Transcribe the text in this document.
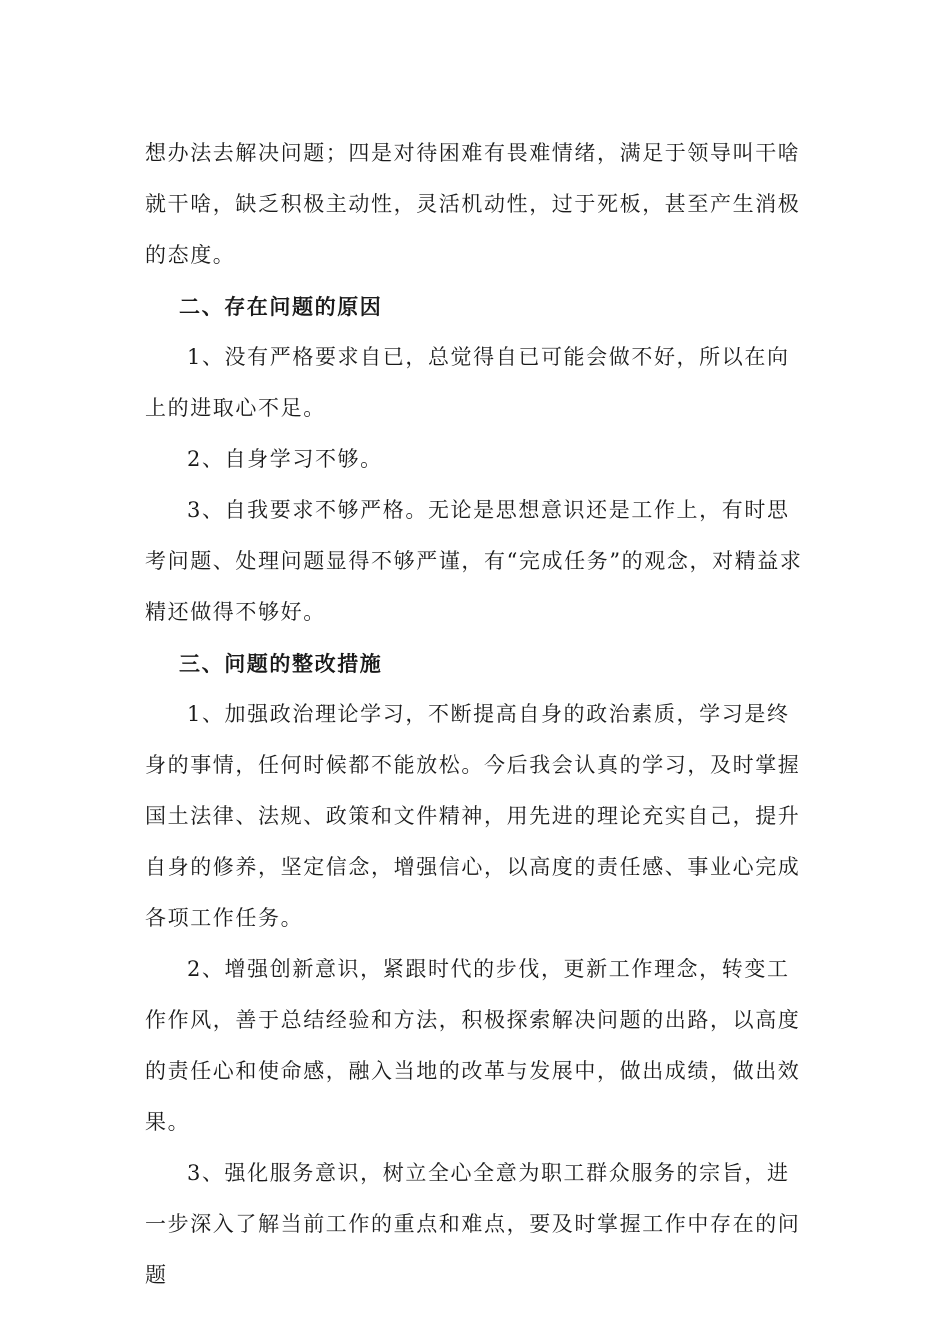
想办法去解决问题；四是对待困难有畏难情绪，满足于领导叫干啥就干啥，缺乏积极主动性，灵活机动性，过于死板，甚至产生消极的态度。

二、存在问题的原因

1、没有严格要求自已，总觉得自已可能会做不好，所以在向上的进取心不足。

2、自身学习不够。

3、自我要求不够严格。无论是思想意识还是工作上，有时思考问题、处理问题显得不够严谨，有“完成任务”的观念，对精益求精还做得不够好。

三、问题的整改措施

1、加强政治理论学习，不断提高自身的政治素质，学习是终身的事情，任何时候都不能放松。今后我会认真的学习，及时掌握国土法律、法规、政策和文件精神，用先进的理论充实自己，提升自身的修养，坚定信念，增强信心，以高度的责任感、事业心完成各项工作任务。

2、增强创新意识，紧跟时代的步伐，更新工作理念，转变工作作风，善于总结经验和方法，积极探索解决问题的出路，以高度的责任心和使命感，融入当地的改革与发展中，做出成绩，做出效果。

3、强化服务意识，树立全心全意为职工群众服务的宗旨，进一步深入了解当前工作的重点和难点，要及时掌握工作中存在的问题
